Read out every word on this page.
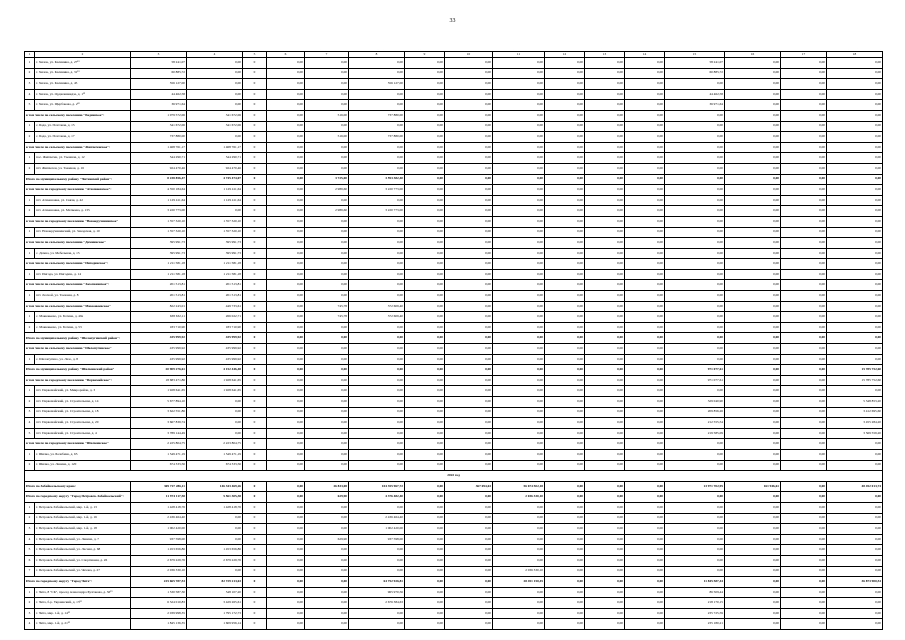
33
1	2	3	4	5	6	7	8	9	10	11	12	13	14	15	16	17	18
1	г. Хилок, ул. Калинина, д. 27¹⁹	58 241,07	0,00	0	0,00	0,00	0,00	0,00	0,00	0,00	0,00	0,00	0,00	58 241,07	0,00	0,00	0,00
2	г. Хилок, ул. Калинина, д. 31¹⁹	60 885,72	0,00	0	0,00	0,00	0,00	0,00	0,00	0,00	0,00	0,00	0,00	60 885,72	0,00	0,00	0,00
3	г. Хилок, ул. Калинина, д. 45	556 127,00	0,00	0	0,00	0,00	556 127,00	0,00	0,00	0,00	0,00	0,00	0,00	0,00	0,00	0,00	0,00
4	г. Хилок, ул. Орджоникидзе, д. 1¹⁹	44 462,58	0,00	0	0,00	0,00	0,00	0,00	0,00	0,00	0,00	0,00	0,00	44 462,58	0,00	0,00	0,00
5	г. Хилок, ул. Щербакова, д. 2¹⁹	36 971,64	0,00	0	0,00	0,00	0,00	0,00	0,00	0,00	0,00	0,00	0,00	36 971,64	0,00	0,00	0,00
в том числе по сельскому поселению "Бадинское":		1 079 572,06	341 672,06	0	0,00	516,00	737 880,00	0,00	0,00	0,00	0,00	0,00	0,00	0,00	0,00	0,00	0,00
1	с. Бада, ул. Почтовая, д. 15	341 672,06	341 672,06	0	0,00	0,00	0,00	0,00	0,00	0,00	0,00	0,00	0,00	0,00	0,00	0,00	0,00
2	с. Бада, ул. Почтовая, д. 17	737 880,00	0,00	0	0,00	516,00	737 880,00	0,00	0,00	0,00	0,00	0,00	0,00	0,00	0,00	0,00	0,00
в том числе по сельскому поселению "Жипхегенское":		1 468 761,17	1 468 761,17	0	0,00	0,00	0,00	0,00	0,00	0,00	0,00	0,00	0,00	0,00	0,00	0,00	0,00
1	пос. Жипхеген, ул. Таежная, д. 12	544 290,71	544 290,71	0	0,00	0,00	0,00	0,00	0,00	0,00	0,00	0,00	0,00	0,00	0,00	0,00	0,00
2	пгт. Жипхеген, ул. Таежная, д. 16	924 470,46	924 470,46	0	0,00	0,00	0,00	0,00	0,00	0,00	0,00	0,00	0,00	0,00	0,00	0,00	0,00
Итого по муниципальному району "Читинский район":		8 238 856,47	4 745 474,07	0	0,00	3 725,00	3 593 382,40	0,00	0,00	0,00	0,00	0,00	0,00	0,00	0,00	0,00	0,00
в том числе по городскому поселению "Атамановское":		4 350 184,64	1 129 411,64	0	0,00	2 989,60	3 220 773,00	0,00	0,00	0,00	0,00	0,00	0,00	0,00	0,00	0,00	0,00
1	пгт. Атамановка, ул. Связи, д. 42	1 129 411,64	1 129 411,64	0	0,00	0,00	0,00	0,00	0,00	0,00	0,00	0,00	0,00	0,00	0,00	0,00	0,00
2	пгт. Атамановка, ул. Матвеева, д. 135	3 220 773,00	0,00	0	0,00	2 989,60	3 220 773,00	0,00	0,00	0,00	0,00	0,00	0,00	0,00	0,00	0,00	0,00
в том числе по городскому поселению "Новокручининское"		1 357 320,10	1 357 320,10	0	0,00	0,00	0,00	0,00	0,00	0,00	0,00	0,00	0,00	0,00	0,00	0,00	0,00
1	пгт. Новокручининский, ул. Заводская, д. 10	1 357 320,10	1 357 320,10	0	0,00	0,00	0,00	0,00	0,00	0,00	0,00	0,00	0,00	0,00	0,00	0,00	0,00
в том числе по сельскому поселению "Домнинское"		395 991,73	395 991,73	0	0,00	0,00	0,00	0,00	0,00	0,00	0,00	0,00	0,00	0,00	0,00	0,00	0,00
1	с. Домна, ул. Мебельная, д. 15	395 991,73	395 991,73	0	0,00	0,00	0,00	0,00	0,00	0,00	0,00	0,00	0,00	0,00	0,00	0,00	0,00
в том числе по сельскому поселению "Ингодинское":		1 211 581,18	1 211 581,18	0	0,00	0,00	0,00	0,00	0,00	0,00	0,00	0,00	0,00	0,00	0,00	0,00	0,00
1	пгт. Ингода, ул. Ингодин., д. 14	1 211 581,18	1 211 581,18	0	0,00	0,00	0,00	0,00	0,00	0,00	0,00	0,00	0,00	0,00	0,00	0,00	0,00
в том числе по сельскому поселению "Засопкинское":		201 513,81	201 513,81	0	0,00	0,00	0,00	0,00	0,00	0,00	0,00	0,00	0,00	0,00	0,00	0,00	0,00
1	пгт. Лесной, ул. Таежная, д. 8	201 513,81	201 513,81	0	0,00	0,00	0,00	0,00	0,00	0,00	0,00	0,00	0,00	0,00	0,00	0,00	0,00
в том числе по сельскому поселению "Маккавеевское"		822 243,01	449 733,61	0	0,00	745,78	372 609,40	0,00	0,00	0,00	0,00	0,00	0,00	0,00	0,00	0,00	0,00
1	с. Маккавеево, ул. Ботина, д. 49а	638 632,11	266 022,71	0	0,00	745,78	372 609,40	0,00	0,00	0,00	0,00	0,00	0,00	0,00	0,00	0,00	0,00
2	с. Маккавеево, ул. Ботина, д. 53	183 710,90	183 710,90	0	0,00	0,00	0,00	0,00	0,00	0,00	0,00	0,00	0,00	0,00	0,00	0,00	0,00
Итого по муниципальному району "Шелопугинский район":		435 999,92	435 999,92	0	0,00	0,00	0,00	0,00	0,00	0,00	0,00	0,00	0,00	0,00	0,00	0,00	0,00
в том числе по сельскому поселению "Шелопугинское"		435 999,92	435 999,92	0	0,00	0,00	0,00	0,00	0,00	0,00	0,00	0,00	0,00	0,00	0,00	0,00	0,00
1	с. Шелопугино, ул. Лазо, д. 8	435 999,92	435 999,92	0	0,00	0,00	0,00	0,00	0,00	0,00	0,00	0,00	0,00	0,00	0,00	0,00	0,00
Итого по муниципальному району "Шилкинский район"		20 909 276,61	4 152 446,48	0	0,00	0,00	0,00	0,00	0,00	0,00	0,00	0,00	0,00	971 077,61	0,00	0,00	15 785 752,60
в том числе по городскому поселению "Первомайское":		18 683 471,86	1 928 641,65	0	0,00	0,00	0,00	0,00	0,00	0,00	0,00	0,00	0,00	971 077,61	0,00	0,00	15 785 752,60
1	пгт. Первомайский, ул. Микрорайон, д. 3	1 928 641,65	1 928 641,65	0	0,00	0,00	0,00	0,00	0,00	0,00	0,00	0,00	0,00	0,00	0,00	0,00	0,00
2	пгт. Первомайский, ул. Строительная, д. 14	5 677 894,10	0,00	0	0,00	0,00	0,00	0,00	0,00	0,00	0,00	0,00	0,00	329 040,90	0,00	0,00	5 348 853,20
3	пгт. Первомайский, ул. Строительная, д. 18	3 622 551,86	0,00	0	0,00	0,00	0,00	0,00	0,00	0,00	0,00	0,00	0,00	209 856,26	0,00	0,00	3 412 695,60
4	пгт. Первомайский, ул. Строительная, д. 20	3 667 839,74	0,00	0	0,00	0,00	0,00	0,00	0,00	0,00	0,00	0,00	0,00	212 555,54	0,00	0,00	3 455 284,20
5	пгт. Первомайский, ул. Строительная, д. 4	3 789 144,49	0,00	0	0,00	0,00	0,00	0,00	0,00	0,00	0,00	0,00	0,00	219 585,09	0,00	0,00	3 569 559,20
в том числе по городскому поселению "Шилкинское"		2 225 804,75	2 223 804,75	0	0,00	0,00	0,00	0,00	0,00	0,00	0,00	0,00	0,00	0,00	0,00	0,00	0,00
1	г. Шилка, ул. Балабина, д. 65	1 549 471,19	1 549 471,19	0	0,00	0,00	0,00	0,00	0,00	0,00	0,00	0,00	0,00	0,00	0,00	0,00	0,00
2	г. Шилка, ул. Ленина, д. 120	674 333,56	674 333,56	0	0,00	0,00	0,00	0,00	0,00	0,00	0,00	0,00	0,00	0,00	0,00	0,00	0,00
2022 год																	
Итого по Забайкальскому краю:		369 727 286,11	146 343 469,26	0	0,00	26 833,08	104 355 967,72	0,00	367 694,63	56 674 502,18	0,00	0,00	0,00	13 971 702,95	161 946,61	0,00	48 452 013,74
Итого по городскому округу "Город Петровск-Забайкальский":		11 974 117,58	5 561 305,38	0	0,00	629,90	4 376 482,40	0,00	0,00	2 036 330,10	0,00	0,00	0,00	0,00	0,00	0,00	0,00
1	г. Петровск-Забайкальский, мкр. 1-й, д. 13	1 428 418,76	1 428 418,76	0	0,00	0,00	0,00	0,00	0,00	0,00	0,00	0,00	0,00	0,00	0,00	0,00	0,00
2	г. Петровск-Забайкальский, мкр. 1-й, д. 16	2 436 464,40	0,00	0	0,00	0,00	2 436 464,40	0,00	0,00	0,00	0,00	0,00	0,00	0,00	0,00	0,00	0,00
3	г. Петровск-Забайкальский, мкр. 1-й, д. 18	1 002 420,00	0,00	0	0,00	0,00	1 002 420,00	0,00	0,00	0,00	0,00	0,00	0,00	0,00	0,00	0,00	0,00
4	г. Петровск-Забайкальский, ул. Ленина, д. 7	937 598,00	0,00	0	0,00	629,90	937 598,00	0,00	0,00	0,00	0,00	0,00	0,00	0,00	0,00	0,00	0,00
5	г. Петровск-Забайкальский, ул. Лесная, д. 68	1 453 656,86	1 453 656,86	0	0,00	0,00	0,00	0,00	0,00	0,00	0,00	0,00	0,00	0,00	0,00	0,00	0,00
6	г. Петровск-Забайкальский, ул. Спортивная, д. 26	2 679 229,76	2 679 229,76	0	0,00	0,00	0,00	0,00	0,00	0,00	0,00	0,00	0,00	0,00	0,00	0,00	0,00
7	г. Петровск-Забайкальский, ул. Чехова, д. 27	2 036 330,10	0,00	0	0,00	0,00	0,00	0,00	0,00	2 036 330,10	0,00	0,00	0,00	0,00	0,00	0,00	0,00
Итого по городскому округу "Город Чита":		225 665 787,53	82 729 213,63	0	0,00	0,00	64 752 926,81	0,00	0,00	28 451 150,45	0,00	0,00	0,00	11 845 587,44	0,00	0,00	36 873 900,54
1	г. Чита, 8 "СК", проезд Александра Булгакова, д. 36¹⁹	1 530 587,30	548 107,20	0	0,00	0,00	965 970,56	0,00	0,00	0,00	0,00	0,00	0,00	86 509,44	0,00	0,00	0,00
2	г. Чита, б-р. Украинский, д. 13¹⁹	6 324 010,83	3 429 265,61	0	0,00	0,00	2 676 384,63	0,00	0,00	0,00	0,00	0,00	0,00	218 170,15	0,00	0,00	0,00
3	г. Чита, мкр. 1-й, д. 14¹⁹	2 039 998,35	1 795 172,73	0	0,00	0,00	0,00	0,00	0,00	0,00	0,00	0,00	0,00	235 725,59	0,00	0,00	0,00
4	г. Чита, мкр. 1-й, д. 21¹⁹	1 845 136,35	1 609 956,14	0	0,00	0,00	0,00	0,00	0,00	0,00	0,00	0,00	0,00	235 180,21	0,00	0,00	0,00
